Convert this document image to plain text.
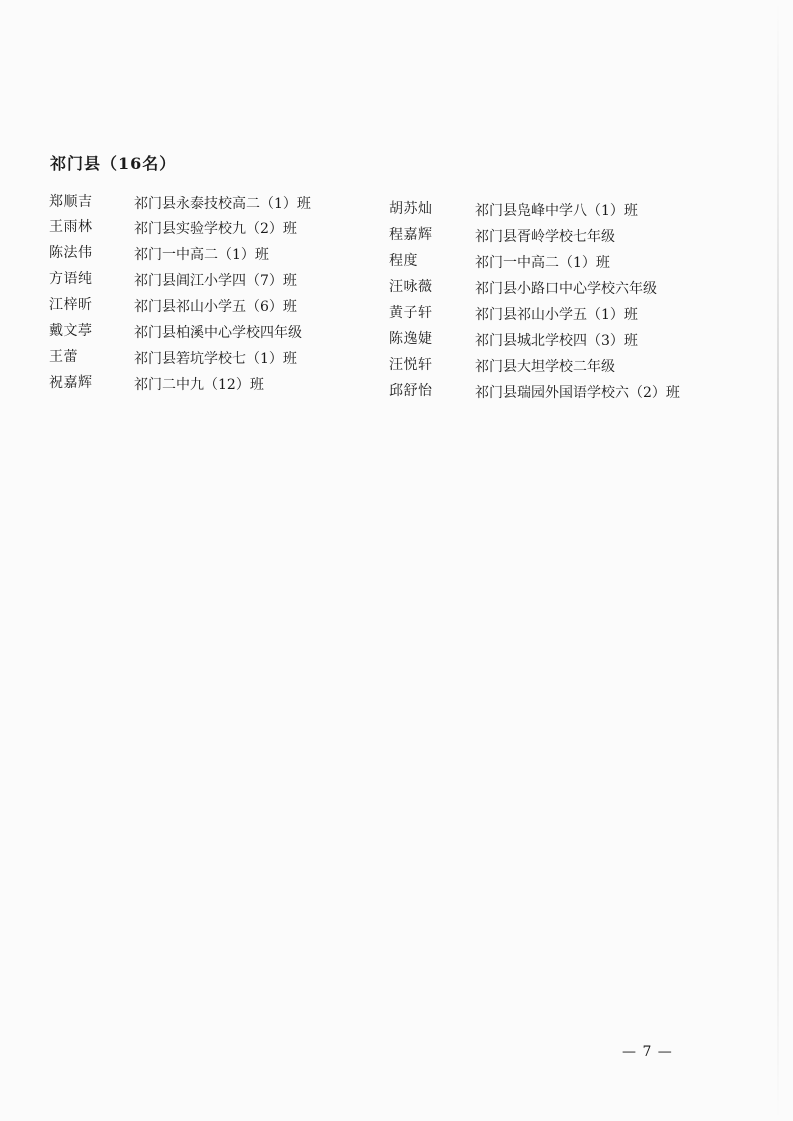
祁门县（16名）
郑顺吉	祁门县永泰技校高二（1）班
王雨林	祁门县实验学校九（2）班
陈法伟	祁门一中高二（1）班
方语纯	祁门县阊江小学四（7）班
江梓昕	祁门县祁山小学五（6）班
戴文葶	祁门县柏溪中心学校四年级
王蕾	祁门县箬坑学校七（1）班
祝嘉辉	祁门二中九（12）班
胡苏灿	祁门县凫峰中学八（1）班
程嘉辉	祁门县胥岭学校七年级
程度	祁门一中高二（1）班
汪咏薇	祁门县小路口中心学校六年级
黄子轩	祁门县祁山小学五（1）班
陈逸婕	祁门县城北学校四（3）班
汪悦轩	祁门县大坦学校二年级
邱舒怡	祁门县瑞园外国语学校六（2）班
— 7 —
